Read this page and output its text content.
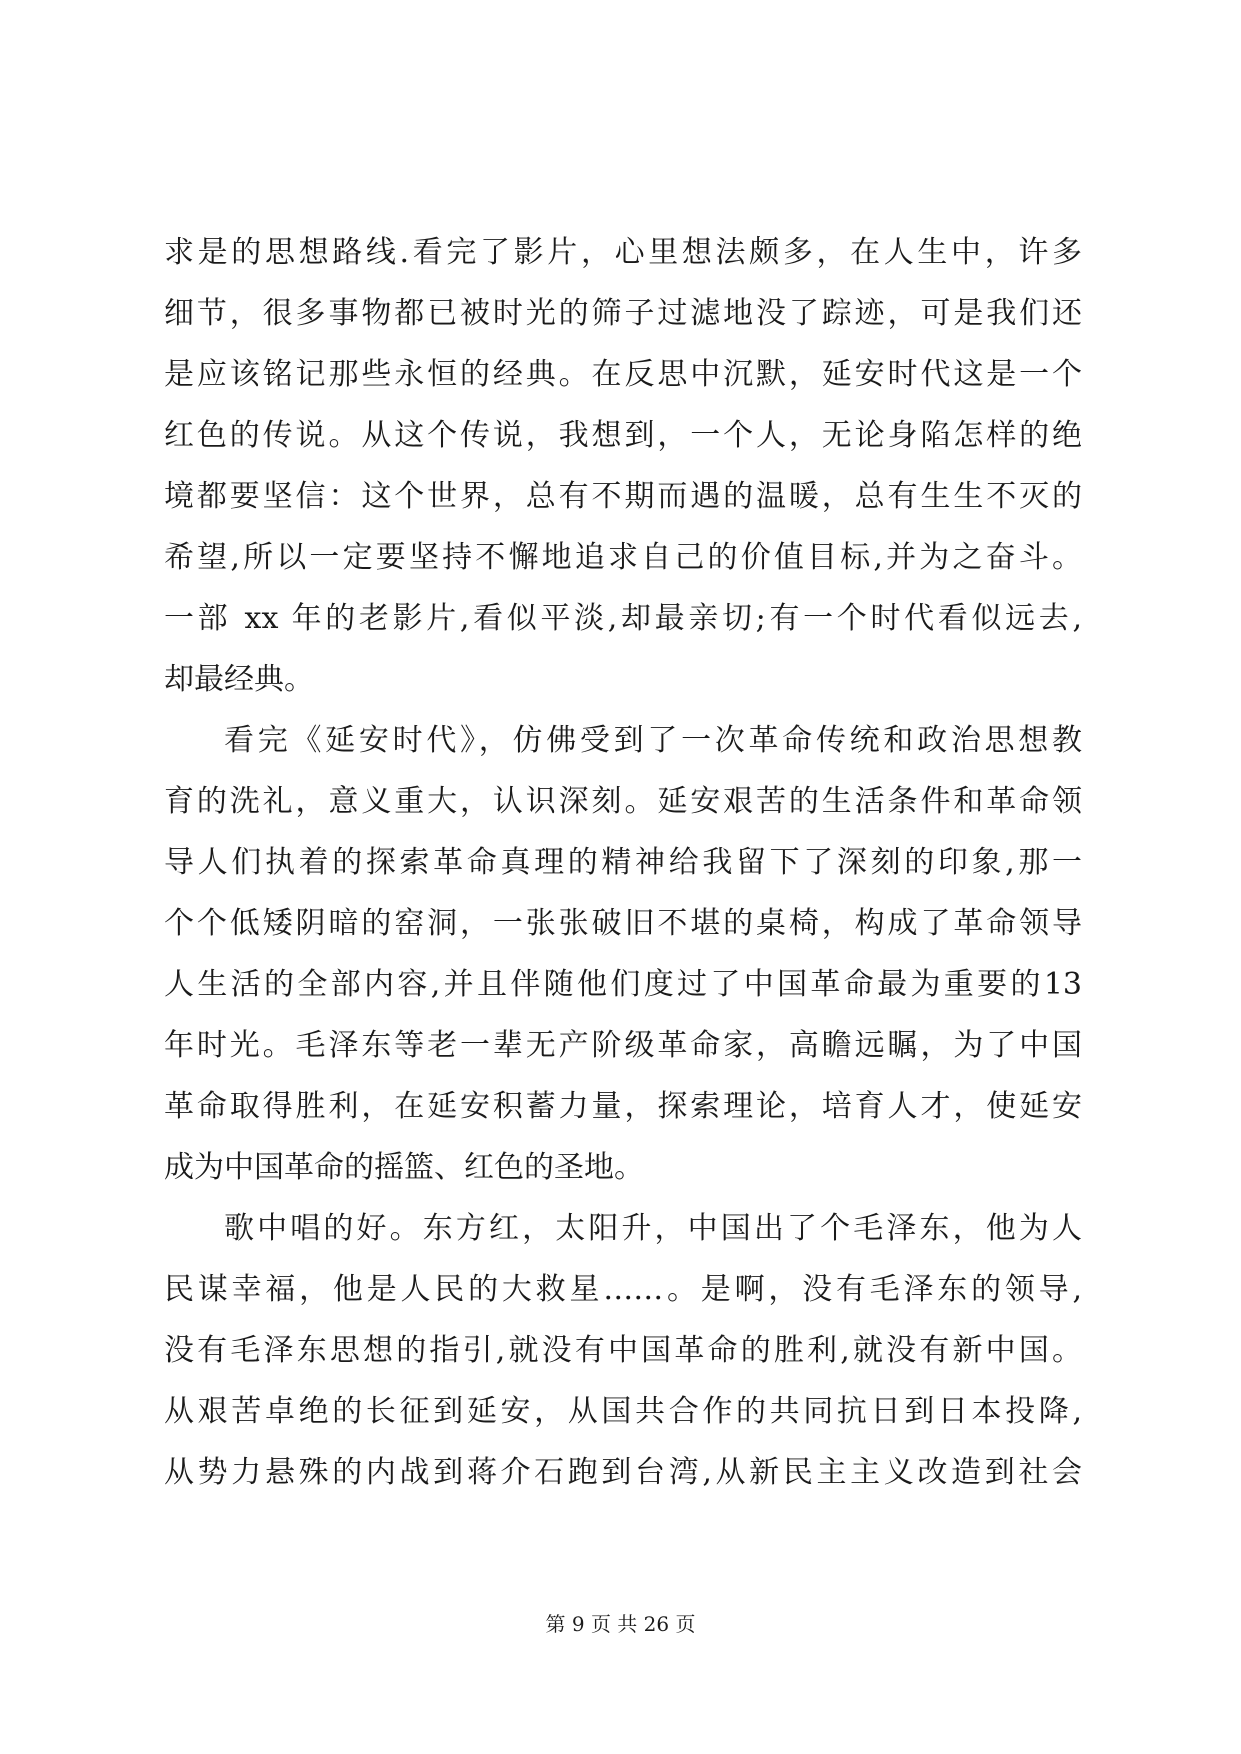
求是的思想路线.看完了影片，心里想法颇多，在人生中，许多
细节，很多事物都已被时光的筛子过滤地没了踪迹，可是我们还
是应该铭记那些永恒的经典。在反思中沉默，延安时代这是一个
红色的传说。从这个传说，我想到，一个人，无论身陷怎样的绝
境都要坚信：这个世界，总有不期而遇的温暖，总有生生不灭的
希望,所以一定要坚持不懈地追求自己的价值目标,并为之奋斗。
一部 xx 年的老影片,看似平淡,却最亲切;有一个时代看似远去,
却最经典。
看完《延安时代》，仿佛受到了一次革命传统和政治思想教
育的洗礼，意义重大，认识深刻。延安艰苦的生活条件和革命领
导人们执着的探索革命真理的精神给我留下了深刻的印象,那一
个个低矮阴暗的窑洞，一张张破旧不堪的桌椅，构成了革命领导
人生活的全部内容,并且伴随他们度过了中国革命最为重要的13
年时光。毛泽东等老一辈无产阶级革命家，高瞻远瞩，为了中国
革命取得胜利，在延安积蓄力量，探索理论，培育人才，使延安
成为中国革命的摇篮、红色的圣地。
歌中唱的好。东方红，太阳升，中国出了个毛泽东，他为人
民谋幸福，他是人民的大救星……。是啊，没有毛泽东的领导,
没有毛泽东思想的指引,就没有中国革命的胜利,就没有新中国。
从艰苦卓绝的长征到延安，从国共合作的共同抗日到日本投降,
从势力悬殊的内战到蒋介石跑到台湾,从新民主主义改造到社会
第 9 页 共 26 页
